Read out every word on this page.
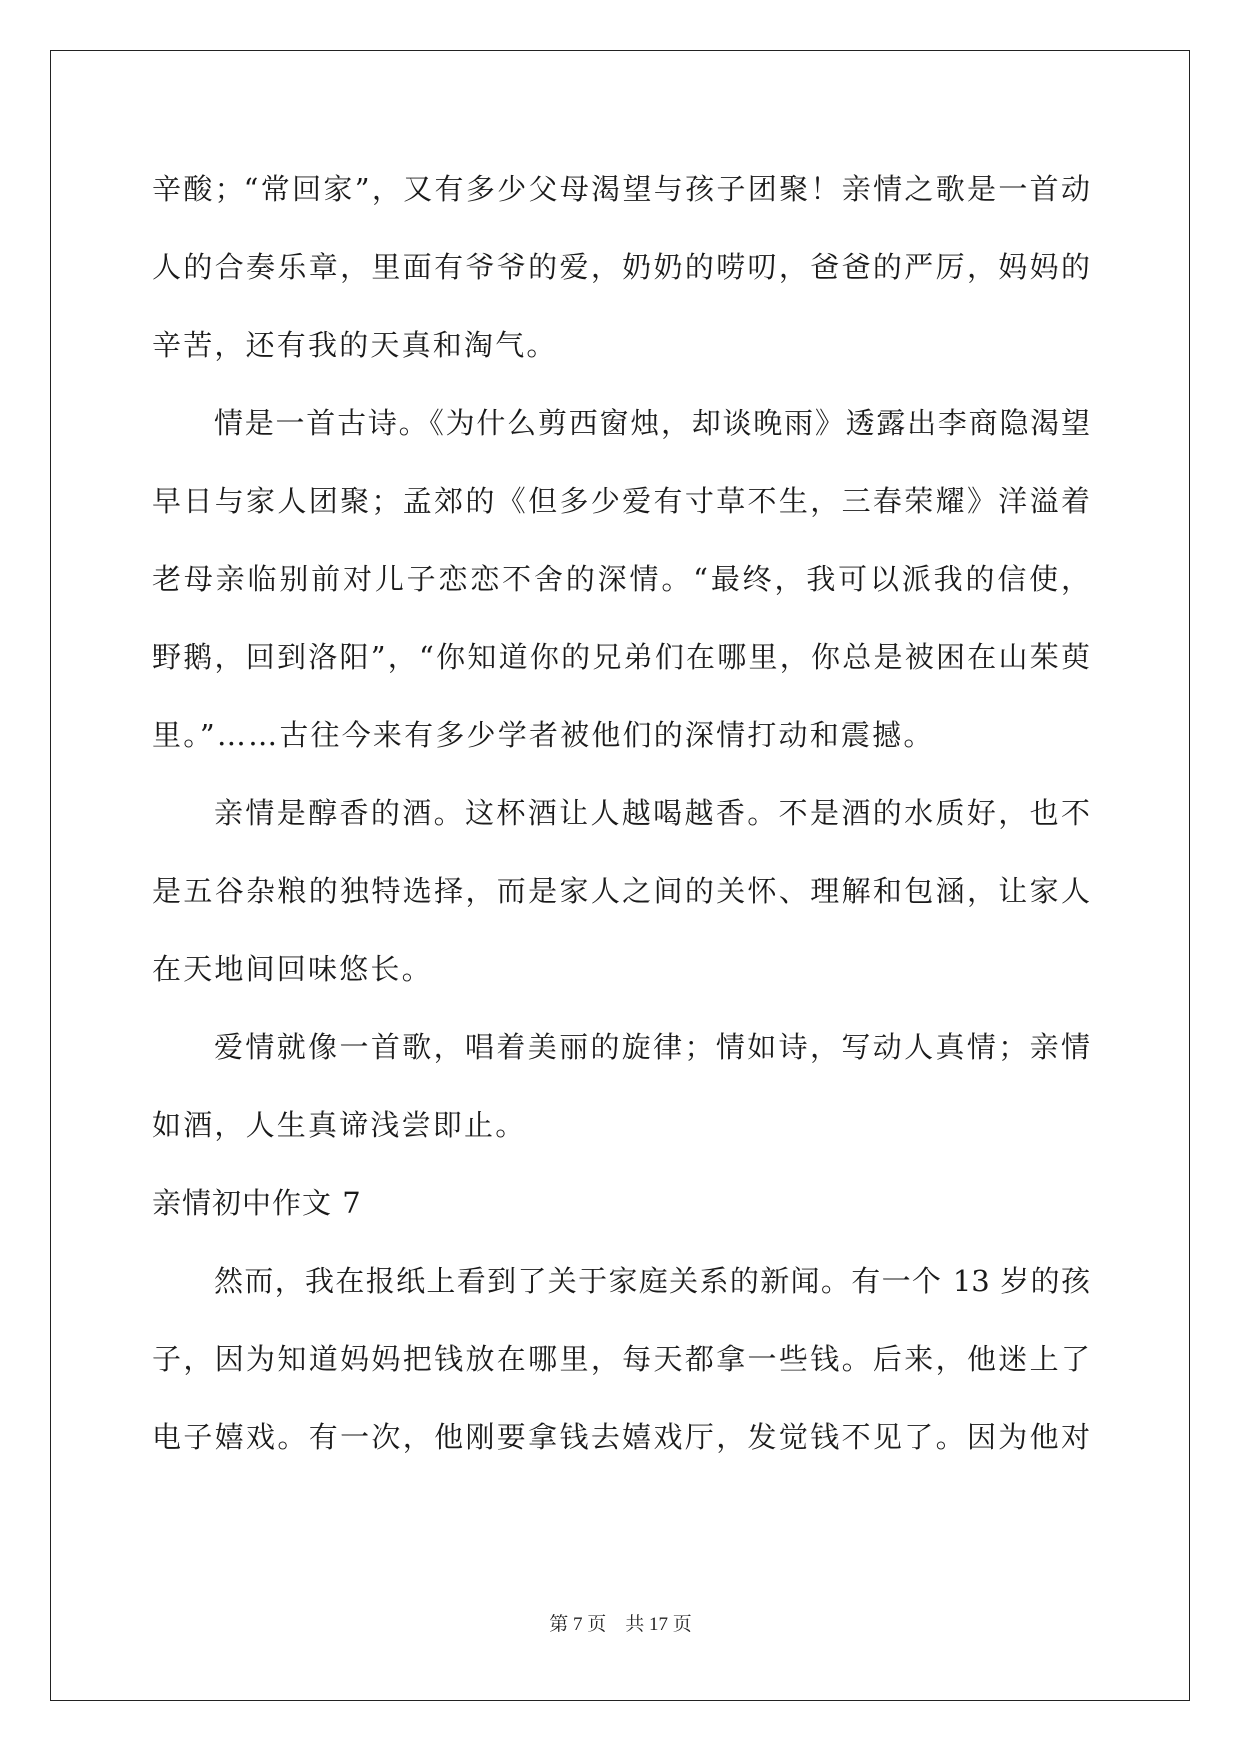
辛酸；“常回家”，又有多少父母渴望与孩子团聚！亲情之歌是一首动
人的合奏乐章，里面有爷爷的爱，奶奶的唠叨，爸爸的严厉，妈妈的
辛苦，还有我的天真和淘气。
情是一首古诗。《为什么剪西窗烛，却谈晚雨》透露出李商隐渴望
早日与家人团聚；孟郊的《但多少爱有寸草不生，三春荣耀》洋溢着
老母亲临别前对儿子恋恋不舍的深情。“最终，我可以派我的信使，
野鹅，回到洛阳”，“你知道你的兄弟们在哪里，你总是被困在山茱萸
里。”……古往今来有多少学者被他们的深情打动和震撼。
亲情是醇香的酒。这杯酒让人越喝越香。不是酒的水质好，也不
是五谷杂粮的独特选择，而是家人之间的关怀、理解和包涵，让家人
在天地间回味悠长。
爱情就像一首歌，唱着美丽的旋律；情如诗，写动人真情；亲情
如酒，人生真谛浅尝即止。
亲情初中作文 7
然而，我在报纸上看到了关于家庭关系的新闻。有一个 13 岁的孩
子，因为知道妈妈把钱放在哪里，每天都拿一些钱。后来，他迷上了
电子嬉戏。有一次，他刚要拿钱去嬉戏厅，发觉钱不见了。因为他对
第 7 页　共 17 页
